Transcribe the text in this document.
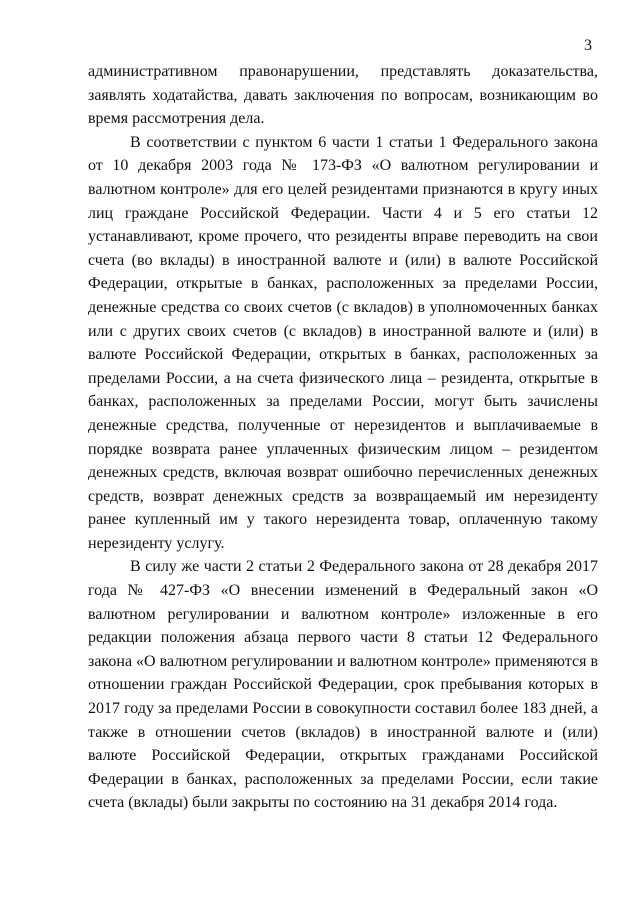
3

административном правонарушении, представлять доказательства, заявлять ходатайства, давать заключения по вопросам, возникающим во время рассмотрения дела.

В соответствии с пунктом 6 части 1 статьи 1 Федерального закона от 10 декабря 2003 года № 173-ФЗ «О валютном регулировании и валютном контроле» для его целей резидентами признаются в кругу иных лиц граждане Российской Федерации. Части 4 и 5 его статьи 12 устанавливают, кроме прочего, что резиденты вправе переводить на свои счета (во вклады) в иностранной валюте и (или) в валюте Российской Федерации, открытые в банках, расположенных за пределами России, денежные средства со своих счетов (с вкладов) в уполномоченных банках или с других своих счетов (с вкладов) в иностранной валюте и (или) в валюте Российской Федерации, открытых в банках, расположенных за пределами России, а на счета физического лица – резидента, открытые в банках, расположенных за пределами России, могут быть зачислены денежные средства, полученные от нерезидентов и выплачиваемые в порядке возврата ранее уплаченных физическим лицом – резидентом денежных средств, включая возврат ошибочно перечисленных денежных средств, возврат денежных средств за возвращаемый им нерезиденту ранее купленный им у такого нерезидента товар, оплаченную такому нерезиденту услугу.

В силу же части 2 статьи 2 Федерального закона от 28 декабря 2017 года № 427-ФЗ «О внесении изменений в Федеральный закон «О валютном регулировании и валютном контроле» изложенные в его редакции положения абзаца первого части 8 статьи 12 Федерального закона «О валютном регулировании и валютном контроле» применяются в отношении граждан Российской Федерации, срок пребывания которых в 2017 году за пределами России в совокупности составил более 183 дней, а также в отношении счетов (вкладов) в иностранной валюте и (или) валюте Российской Федерации, открытых гражданами Российской Федерации в банках, расположенных за пределами России, если такие счета (вклады) были закрыты по состоянию на 31 декабря 2014 года.
